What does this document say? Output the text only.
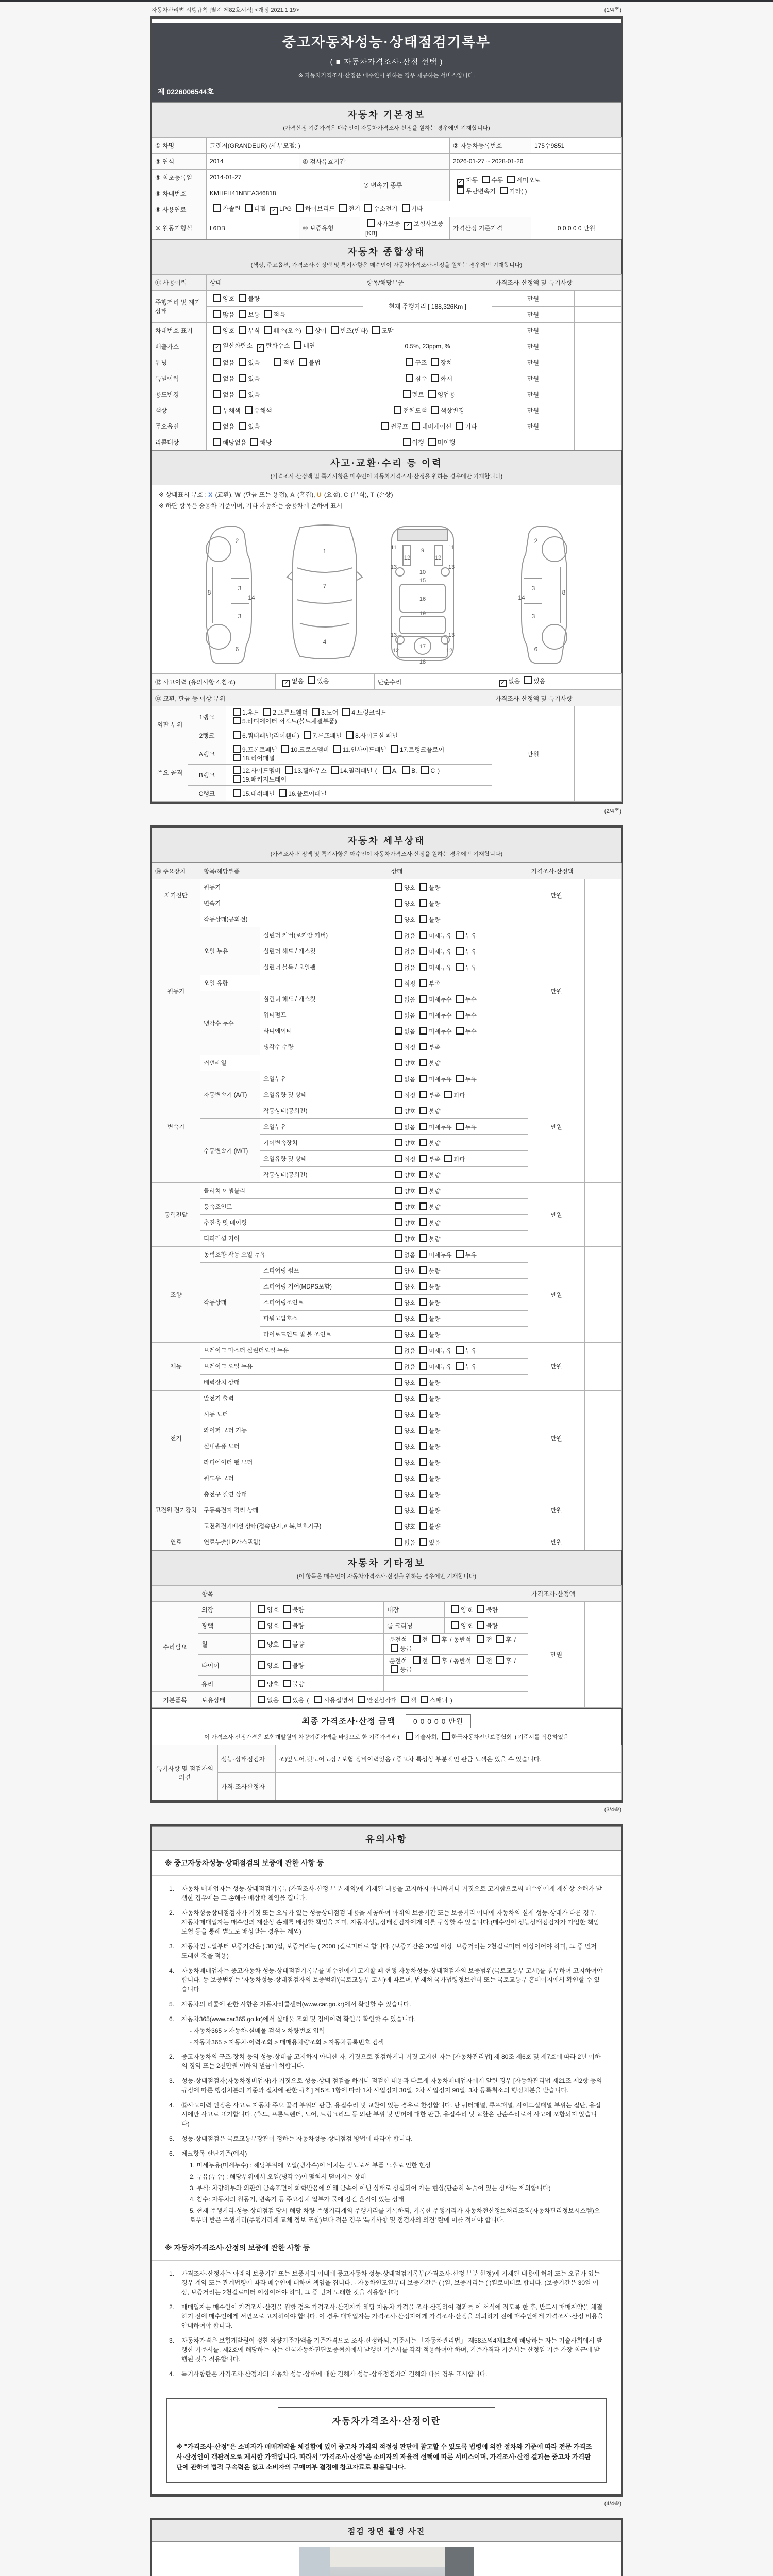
자동차관리법 시행규칙 [별지 제82호서식] <개정 2021.1.19>	(1/4쪽)
중고자동차성능·상태점검기록부
( ■ 자동차가격조사·산정 선택 )
※ 자동차가격조사·산정은 매수인이 원하는 경우 제공하는 서비스입니다.
제 0226006544호
자동차 기본정보
(가격산정 기준가격은 매수인이 자동차가격조사·산정을 원하는 경우에만 기재합니다)
① 차명	그랜저(GRANDEUR) (세부모델: )			② 자동차등록번호	175수9851
③ 연식	2014	④ 검사유효기간		2026-01-27 ~ 2028-01-26	
⑤ 최초등록일	2014-01-27		⑦ 변속기 종류	✓ 자동 수동 세미오토
무단변속기 기타( )	
⑥ 차대번호	KMHFH41NBEA346818				
⑧ 사용연료	가솔린 디젤 ✓ LPG 하이브리드 전기 수소전기 기타				
⑨ 원동기형식	L6DB	⑩ 보증유형	자가보증 ✓ 보험사보증[KB]	가격산정 기준가격	0 0 0 0 0 만원
자동차 종합상태
(색상, 주요옵션, 가격조사·산정액 및 특기사항은 매수인이 자동차가격조사·산정을 원하는 경우에만 기재합니다)
⑪ 사용이력	상태	항목/해당부품	가격조사·산정액 및 특기사항	
주행거리 및 계기상태	양호 불량	현재 주행거리 [ 188,326Km ]	만원	
	많음 보통 적음		만원	
차대번호 표기	양호 부식 훼손(오손) 상이 변조(변타) 도말		만원	
배출가스	✓ 일산화탄소 ✓ 탄화수소 매연	0.5%, 23ppm, %	만원	
튜닝	없음 있음 적법 불법	구조 장치	만원	
특별이력	없음 있음	침수 화재	만원	
용도변경	없음 있음	렌트 영업용	만원	
색상	무채색 유채색	전체도색 색상변경	만원	
주요옵션	없음 있음	썬루프 네비게이션 기타	만원	
리콜대상	해당없음 해당	이행 미이행		
사고·교환·수리 등 이력
(가격조사·산정액 및 특기사항은 매수인이 자동차가격조사·산정을 원하는 경우에만 기재합니다)
※ 상태표시 부호 : X (교환), W (판금 또는 용접), A (흠집), U (요철), C (부식), T (손상)
※ 하단 항목은 승용차 기준이며, 기타 자동차는 승용차에 준하여 표시
2
8
3
14
3
6
1
7
4
11	11
13	13
12	12
9
10
15
16
19
13	13
12	12
17
18
2
8
3
14
3
6
⑫ 사고이력 (유의사항 4.참조)	✓ 없음 있음	단순수리	✓ 없음 있음
⑬ 교환, 판금 등 이상 부위			가격조사·산정액 및 특기사항	
외판 부위	1랭크	1.후드 2.프론트휀더 3.도어 4.트렁크리드
5.라디에이터 서포트(볼트체결부품)	만원	
	2랭크	6.쿼터패널(리어휀더) 7.루프패널 8.사이드실 패널		
주요 골격	A랭크	9.프론트패널 10.크로스멤버 11.인사이드패널 17.트렁크플로어
18.리어패널		
	B랭크	12.사이드멤버 13.휠하우스 14.필러패널 ( A, B, C )
19.패키지트레이		
	C랭크	15.대쉬패널 16.플로어패널		
(2/4쪽)
자동차 세부상태
(가격조사·산정액 및 특기사항은 매수인이 자동차가격조사·산정을 원하는 경우에만 기재합니다)
⑭ 주요장치	항목/해당부품		상태	가격조사·산정액	
자기진단	원동기		양호 불량	만원	
	변속기		양호 불량		
원동기	작동상태(공회전)		양호 불량	만원	
	오일 누유	실린더 커버(로커암 커버)	없음 미세누유 누유		
		실린더 헤드 / 개스킷	없음 미세누유 누유		
		실린더 블록 / 오일팬	없음 미세누유 누유		
	오일 유량		적정 부족		
	냉각수 누수	실린더 헤드 / 개스킷	없음 미세누수 누수		
		워터펌프	없음 미세누수 누수		
		라디에이터	없음 미세누수 누수		
		냉각수 수량	적정 부족		
	커먼레일		양호 불량		
변속기	자동변속기 (A/T)	오일누유	없음 미세누유 누유	만원	
		오일유량 및 상태	적정 부족 과다		
		작동상태(공회전)	양호 불량		
	수동변속기 (M/T)	오일누유	없음 미세누유 누유		
		기어변속장치	양호 불량		
		오일유량 및 상태	적정 부족 과다		
		작동상태(공회전)	양호 불량		
동력전달	클러치 어셈블리		양호 불량	만원	
	등속조인트		양호 불량		
	추진축 및 베어링		양호 불량		
	디퍼렌셜 기어		양호 불량		
조향	동력조향 작동 오일 누유		없음 미세누유 누유	만원	
	작동상태	스티어링 펌프	양호 불량		
		스티어링 기어(MDPS포함)	양호 불량		
		스티어링조인트	양호 불량		
		파워고압호스	양호 불량		
		타이로드엔드 및 볼 조인트	양호 불량		
제동	브레이크 마스터 실린더오일 누유		없음 미세누유 누유	만원	
	브레이크 오일 누유		없음 미세누유 누유		
	배력장치 상태		양호 불량		
전기	발전기 출력		양호 불량	만원	
	시동 모터		양호 불량		
	와이퍼 모터 기능		양호 불량		
	실내송풍 모터		양호 불량		
	라디에이터 팬 모터		양호 불량		
	윈도우 모터		양호 불량		
고전원 전기장치	충전구 절연 상태		양호 불량	만원	
	구동축전지 격리 상태		양호 불량		
	고전원전기배선 상태(접속단자,피복,보호기구)		양호 불량		
연료	연료누출(LP가스포함)		없음 있음	만원	
자동차 기타정보
(이 항목은 매수인이 자동차가격조사·산정을 원하는 경우에만 기재합니다)
	항목				가격조사·산정액	
수리필요	외장	양호 불량	내장	양호 불량	만원	
	광택	양호 불량	룸 크리닝	양호 불량		
	휠	양호 불량	운전석 전 후 / 동반석 전 후 /응급			
	타이어	양호 불량	운전석 전 후 / 동반석 전 후 /응급			
	유리	양호 불량				
기본품목	보유상태	없음 있음 ( 사용설명서 안전삼각대 잭 스패너 )				
최종 가격조사·산정 금액 0 0 0 0 0 만원
이 가격조사·산정가격은 보험개발원의 차량기준가액을 바탕으로 한 기준가격과 (	기술사회, 한국자동차진단보증협회 ) 기준서를 적용하였음
특기사항 및 점검자의 의견	성능·상태점검자	조)앞도어,뒷도어도장 / 보험 정비이력있음 / 중고차 특성상 부분적인 판금 도색은 있을 수 있습니다.
	가격·조사산정자	
(3/4쪽)
유의사항
※ 중고자동차성능·상태점검의 보증에 관한 사항 등
1.	자동차 매매업자는 성능·상태점검기록부(가격조사·산정 부분 제외)에 기재된 내용을 고지하지 아니하거나 거짓으로 고지함으로써 매수인에게 재산상 손해가 발생한 경우에는 그 손해를 배상할 책임을 집니다.
2.	자동차성능상태점검자가 거짓 또는 오류가 있는 성능상태점검 내용을 제공하여 아래의 보증기간 또는 보증거리 이내에 자동차의 실제 성능·상태가 다른 경우, 자동차매매업자는 매수인의 재산상 손해를 배상할 책임을 지며, 자동차성능상태점검자에게 이를 구상할 수 있습니다.(매수인이 성능상태점검자가 가입한 책임보험 등을 통해 별도로 배상받는 경우는 제외)
3.	자동차인도일부터 보증기간은 ( 30 )일, 보증거리는 ( 2000 )킬로미터로 합니다. (보증기간은 30일 이상, 보증거리는 2천킬로미터 이상이어야 하며, 그 중 먼저 도래한 것을 적용)
4.	자동차매매업자는 중고자동차 성능·상태점검기록부를 매수인에게 고지할 때 현행 자동차성능·상태점검자의 보증범위(국토교통부 고시)를 첨부하여 고지하여야 합니다. 동 보증범위는 '자동차성능·상태점검자의 보증범위'(국토교통부 고시)에 따르며, 법제처 국가법령정보센터 또는 국토교통부 홈페이지에서 확인할 수 있습니다.
5.	자동차의 리콜에 관한 사항은 자동차리콜센터(www.car.go.kr)에서 확인할 수 있습니다.
6.	자동차365(www.car365.go.kr)에서 실매물 조회 및 정비이력 확인을 확인할 수 있습니다.
- 자동차365 > 자동차·실매물 검색 > 차량번호 입력
- 자동차365 > 자동차·이력조회 > 매매용차량조회 > 자동차등록번호 검색
2.	중고자동차의 구조·장치 등의 성능·상태를 고지하지 아니한 자, 거짓으로 점검하거나 거짓 고지한 자는 [자동차관리법] 제 80조 제6호 및 제7호에 따라 2년 이하의 징역 또는 2천만원 이하의 벌금에 처합니다.
3.	성능·상태점검자(자동차정비업자)가 거짓으로 성능·상태 점검을 하거나 점검한 내용과 다르게 자동차매매업자에게 알린 경우 [자동차관리법 제21조 제2항 등의 규정에 따른 행정처분의 기준과 절차에 관한 규칙] 제5조 1항에 따라 1차 사업정지 30일, 2차 사업정지 90일, 3차 등록취소의 행정처분을 받습니다.
4.	⑫사고이력 인정은 사고로 자동차 주요 골격 부위의 판금, 용접수리 및 교환이 있는 경우로 한정합니다. 단 쿼터패널, 루프패널, 사이드실패널 부위는 절단, 용접 시에만 사고로 표기합니다. (후드, 프론트펜더, 도어, 트렁크리드 등 외판 부위 및 범퍼에 대한 판금, 용접수리 및 교환은 단순수리로서 사고에 포함되지 않습니다)
5.	성능·상태점검은 국토교통부장관이 정하는 자동차성능·상태점검 방법에 따라야 합니다.
6.	체크항목 판단기준(예시)
1. 미세누유(미세누수) : 해당부위에 오일(냉각수)이 비치는 정도로서 부품 노후로 인한 현상
2. 누유(누수) : 해당부위에서 오일(냉각수)이 맺혀서 떨어지는 상태
3. 부식: 차량하부와 외판의 금속표면이 화학반응에 의해 금속이 아닌 상태로 상실되어 가는 현상(단순히 녹슬어 있는 상태는 제외합니다)
4. 침수: 자동차의 원동기, 변속기 등 주요장치 일부가 물에 잠긴 흔적이 있는 상태
5. 현재 주행거리·성능·상태점검 당시 해당 차량 주행거리계의 주행거리를 기록하되, 기록한 주행거리가 자동차전산정보처리조직(자동차관리정보시스템)으로부터 받은 주행거리(주행거리계 교체 정보 포함)보다 적은 경우 '특기사항 및 점검자의 의견' 란에 이를 적어야 합니다.
※ 자동차가격조사·산정의 보증에 관한 사항 등
1.	가격조사·산정자는 아래의 보증기간 또는 보증거리 이내에 중고자동차 성능·상태점검기록부(가격조사·산정 부분 한정)에 기재된 내용에 허위 또는 오류가 있는 경우 계약 또는 관계법령에 따라 매수인에 대하여 책임을 집니다. · 자동차인도일부터 보증기간은 ( )일, 보증거리는 ( )킬로미터로 합니다. (보증기간은 30일 이상, 보증거리는 2천킬로미터 이상이어야 하며, 그 중 먼저 도래한 것을 적용합니다)
2.	매매업자는 매수인이 가격조사·산정을 원할 경우 가격조사·산정자가 해당 자동차 가격을 조사·산정하여 결과를 이 서식에 적도록 한 후, 반드시 매매계약을 체결하기 전에 매수인에게 서면으로 고지하여야 합니다. 이 경우 매매업자는 가격조사·산정자에게 가격조사·산정을 의뢰하기 전에 매수인에게 가격조사·산정 비용을 안내하여야 합니다.
3.	자동차가격은 보험개발원이 정한 차량기준가액을 기준가격으로 조사·산정하되, 기준서는 「자동차관리법」 제58조의4제1호에 해당하는 자는 기술사회에서 발행한 기준서를, 제2호에 해당하는 자는 한국자동차진단보증협회에서 발행한 기준서를 각각 적용하여야 하며, 기준가격과 기준서는 산정일 기준 가장 최근에 발행된 것을 적용합니다.
4.	특기사항란은 가격조사·산정자의 자동차 성능·상태에 대한 견해가 성능·상태점검자의 견해와 다를 경우 표시합니다.
자동차가격조사·산정이란
※ "가격조사·산정"은 소비자가 매매계약을 체결함에 있어 중고차 가격의 적절성 판단에 참고할 수 있도록 법령에 의한 절차와 기준에 따라 전문 가격조사·산정인이 객관적으로 제시한 가액입니다. 따라서 "가격조사·산정"은 소비자의 자율적 선택에 따른 서비스이며, 가격조사·산정 결과는 중고차 가격판단에 관하여 법적 구속력은 없고 소비자의 구매여부 결정에 참고자료로 활용됩니다.
(4/4쪽)
점검 장면 촬영 사진
